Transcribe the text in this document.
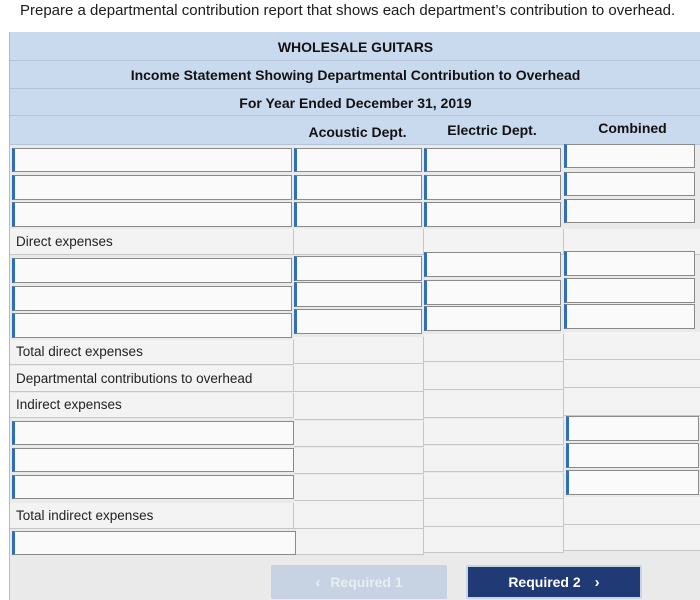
Prepare a departmental contribution report that shows each department’s contribution to overhead.
WHOLESALE GUITARS
Income Statement Showing Departmental Contribution to Overhead
For Year Ended December 31, 2019
Acoustic Dept.	Electric Dept.	Combined
Direct expenses
Total direct expenses
Departmental contributions to overhead
Indirect expenses
Total indirect expenses
‹ Required 1	Required 2 ›
